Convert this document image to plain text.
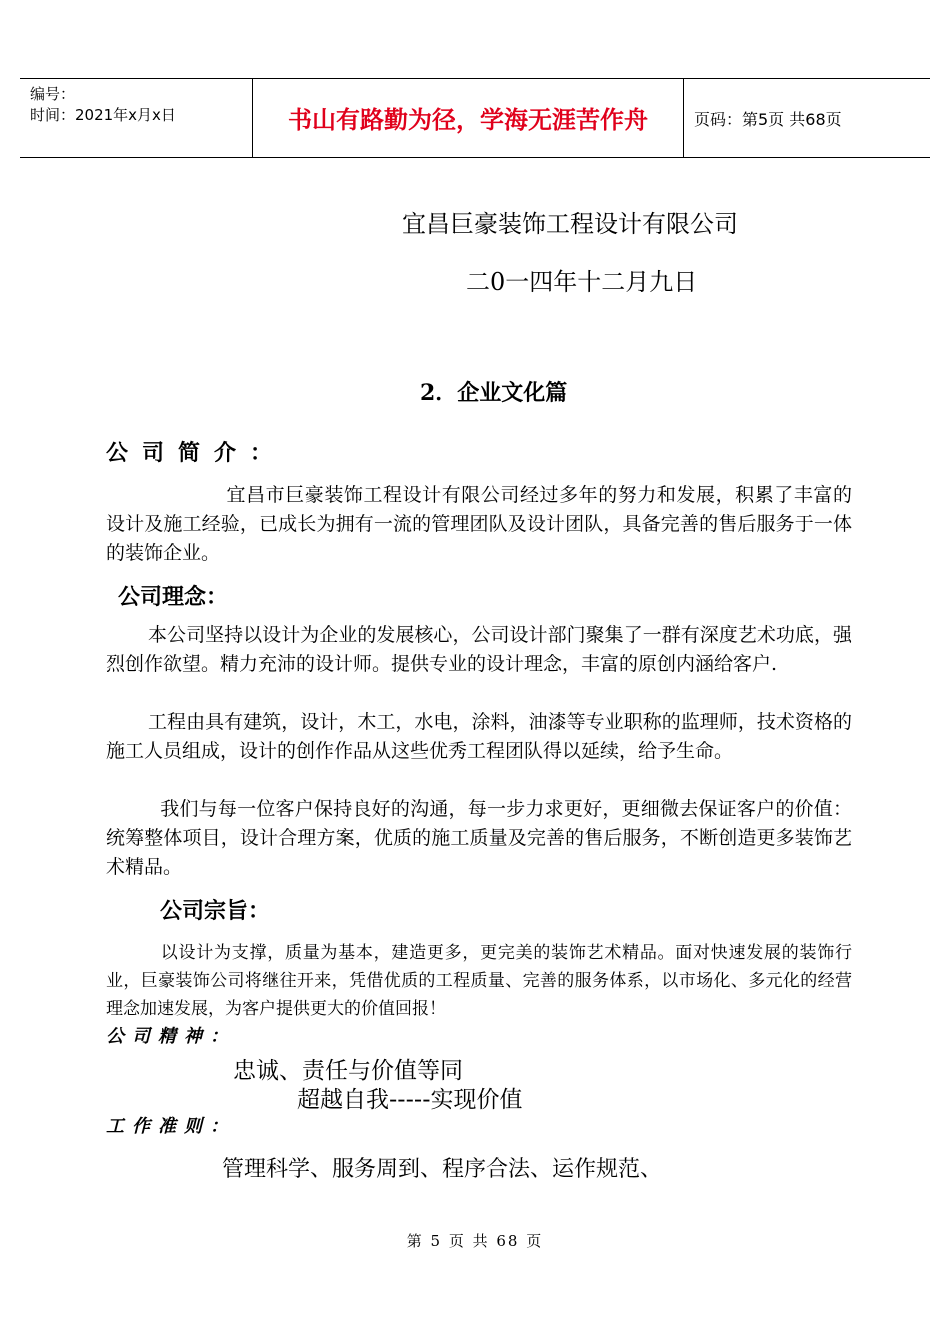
编号：
时间：2021年x月x日	书山有路勤为径，学海无涯苦作舟	页码：第5页 共68页
宜昌巨豪装饰工程设计有限公司
二0一四年十二月九日
2．企业文化篇
公司简介：
宜昌市巨豪装饰工程设计有限公司经过多年的努力和发展，积累了丰富的设计及施工经验，已成长为拥有一流的管理团队及设计团队，具备完善的售后服务于一体的装饰企业。
公司理念：
本公司坚持以设计为企业的发展核心，公司设计部门聚集了一群有深度艺术功底，强烈创作欲望。精力充沛的设计师。提供专业的设计理念，丰富的原创内涵给客户.
工程由具有建筑，设计，木工，水电，涂料，油漆等专业职称的监理师，技术资格的施工人员组成，设计的创作作品从这些优秀工程团队得以延续，给予生命。
我们与每一位客户保持良好的沟通，每一步力求更好，更细微去保证客户的价值：统筹整体项目，设计合理方案，优质的施工质量及完善的售后服务，不断创造更多装饰艺术精品。
公司宗旨：
以设计为支撑，质量为基本，建造更多，更完美的装饰艺术精品。面对快速发展的装饰行业，巨豪装饰公司将继往开来，凭借优质的工程质量、完善的服务体系，以市场化、多元化的经营理念加速发展，为客户提供更大的价值回报！
公司精神：
忠诚、责任与价值等同
超越自我-----实现价值
工作准则：
管理科学、服务周到、程序合法、运作规范、
第 5 页 共 68 页
